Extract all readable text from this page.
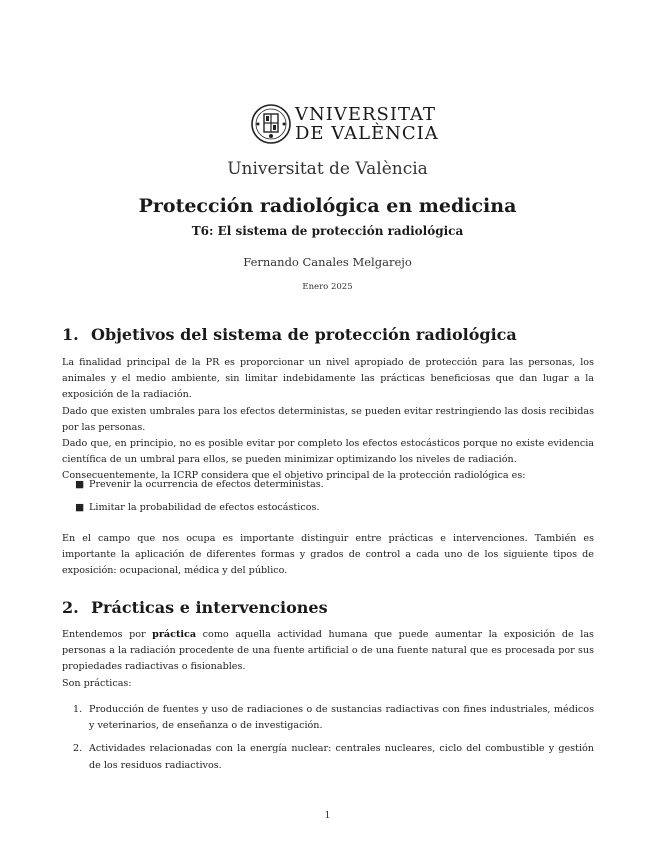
VNIVERSITAT
DE VALÈNCIA
Universitat de València
Protección radiológica en medicina
T6: El sistema de protección radiológica
Fernando Canales Melgarejo
Enero 2025
1. Objetivos del sistema de protección radiológica
La finalidad principal de la PR es proporcionar un nivel apropiado de protección para las personas, los animales y el medio ambiente, sin limitar indebidamente las prácticas beneficiosas que dan lugar a la exposición de la radiación.
Dado que existen umbrales para los efectos deterministas, se pueden evitar restringiendo las dosis recibidas por las personas.
Dado que, en principio, no es posible evitar por completo los efectos estocásticos porque no existe evidencia científica de un umbral para ellos, se pueden minimizar optimizando los niveles de radiación.
Consecuentemente, la ICRP considera que el objetivo principal de la protección radiológica es:
■ Prevenir la ocurrencia de efectos deterministas.
■ Limitar la probabilidad de efectos estocásticos.
En el campo que nos ocupa es importante distinguir entre prácticas e intervenciones. También es importante la aplicación de diferentes formas y grados de control a cada uno de los siguiente tipos de exposición: ocupacional, médica y del público.
2. Prácticas e intervenciones
Entendemos por práctica como aquella actividad humana que puede aumentar la exposición de las personas a la radiación procedente de una fuente artificial o de una fuente natural que es procesada por sus propiedades radiactivas o fisionables.
Son prácticas:
1. Producción de fuentes y uso de radiaciones o de sustancias radiactivas con fines industriales, médicos y veterinarios, de enseñanza o de investigación.
2. Actividades relacionadas con la energía nuclear: centrales nucleares, ciclo del combustible y gestión de los residuos radiactivos.
1
